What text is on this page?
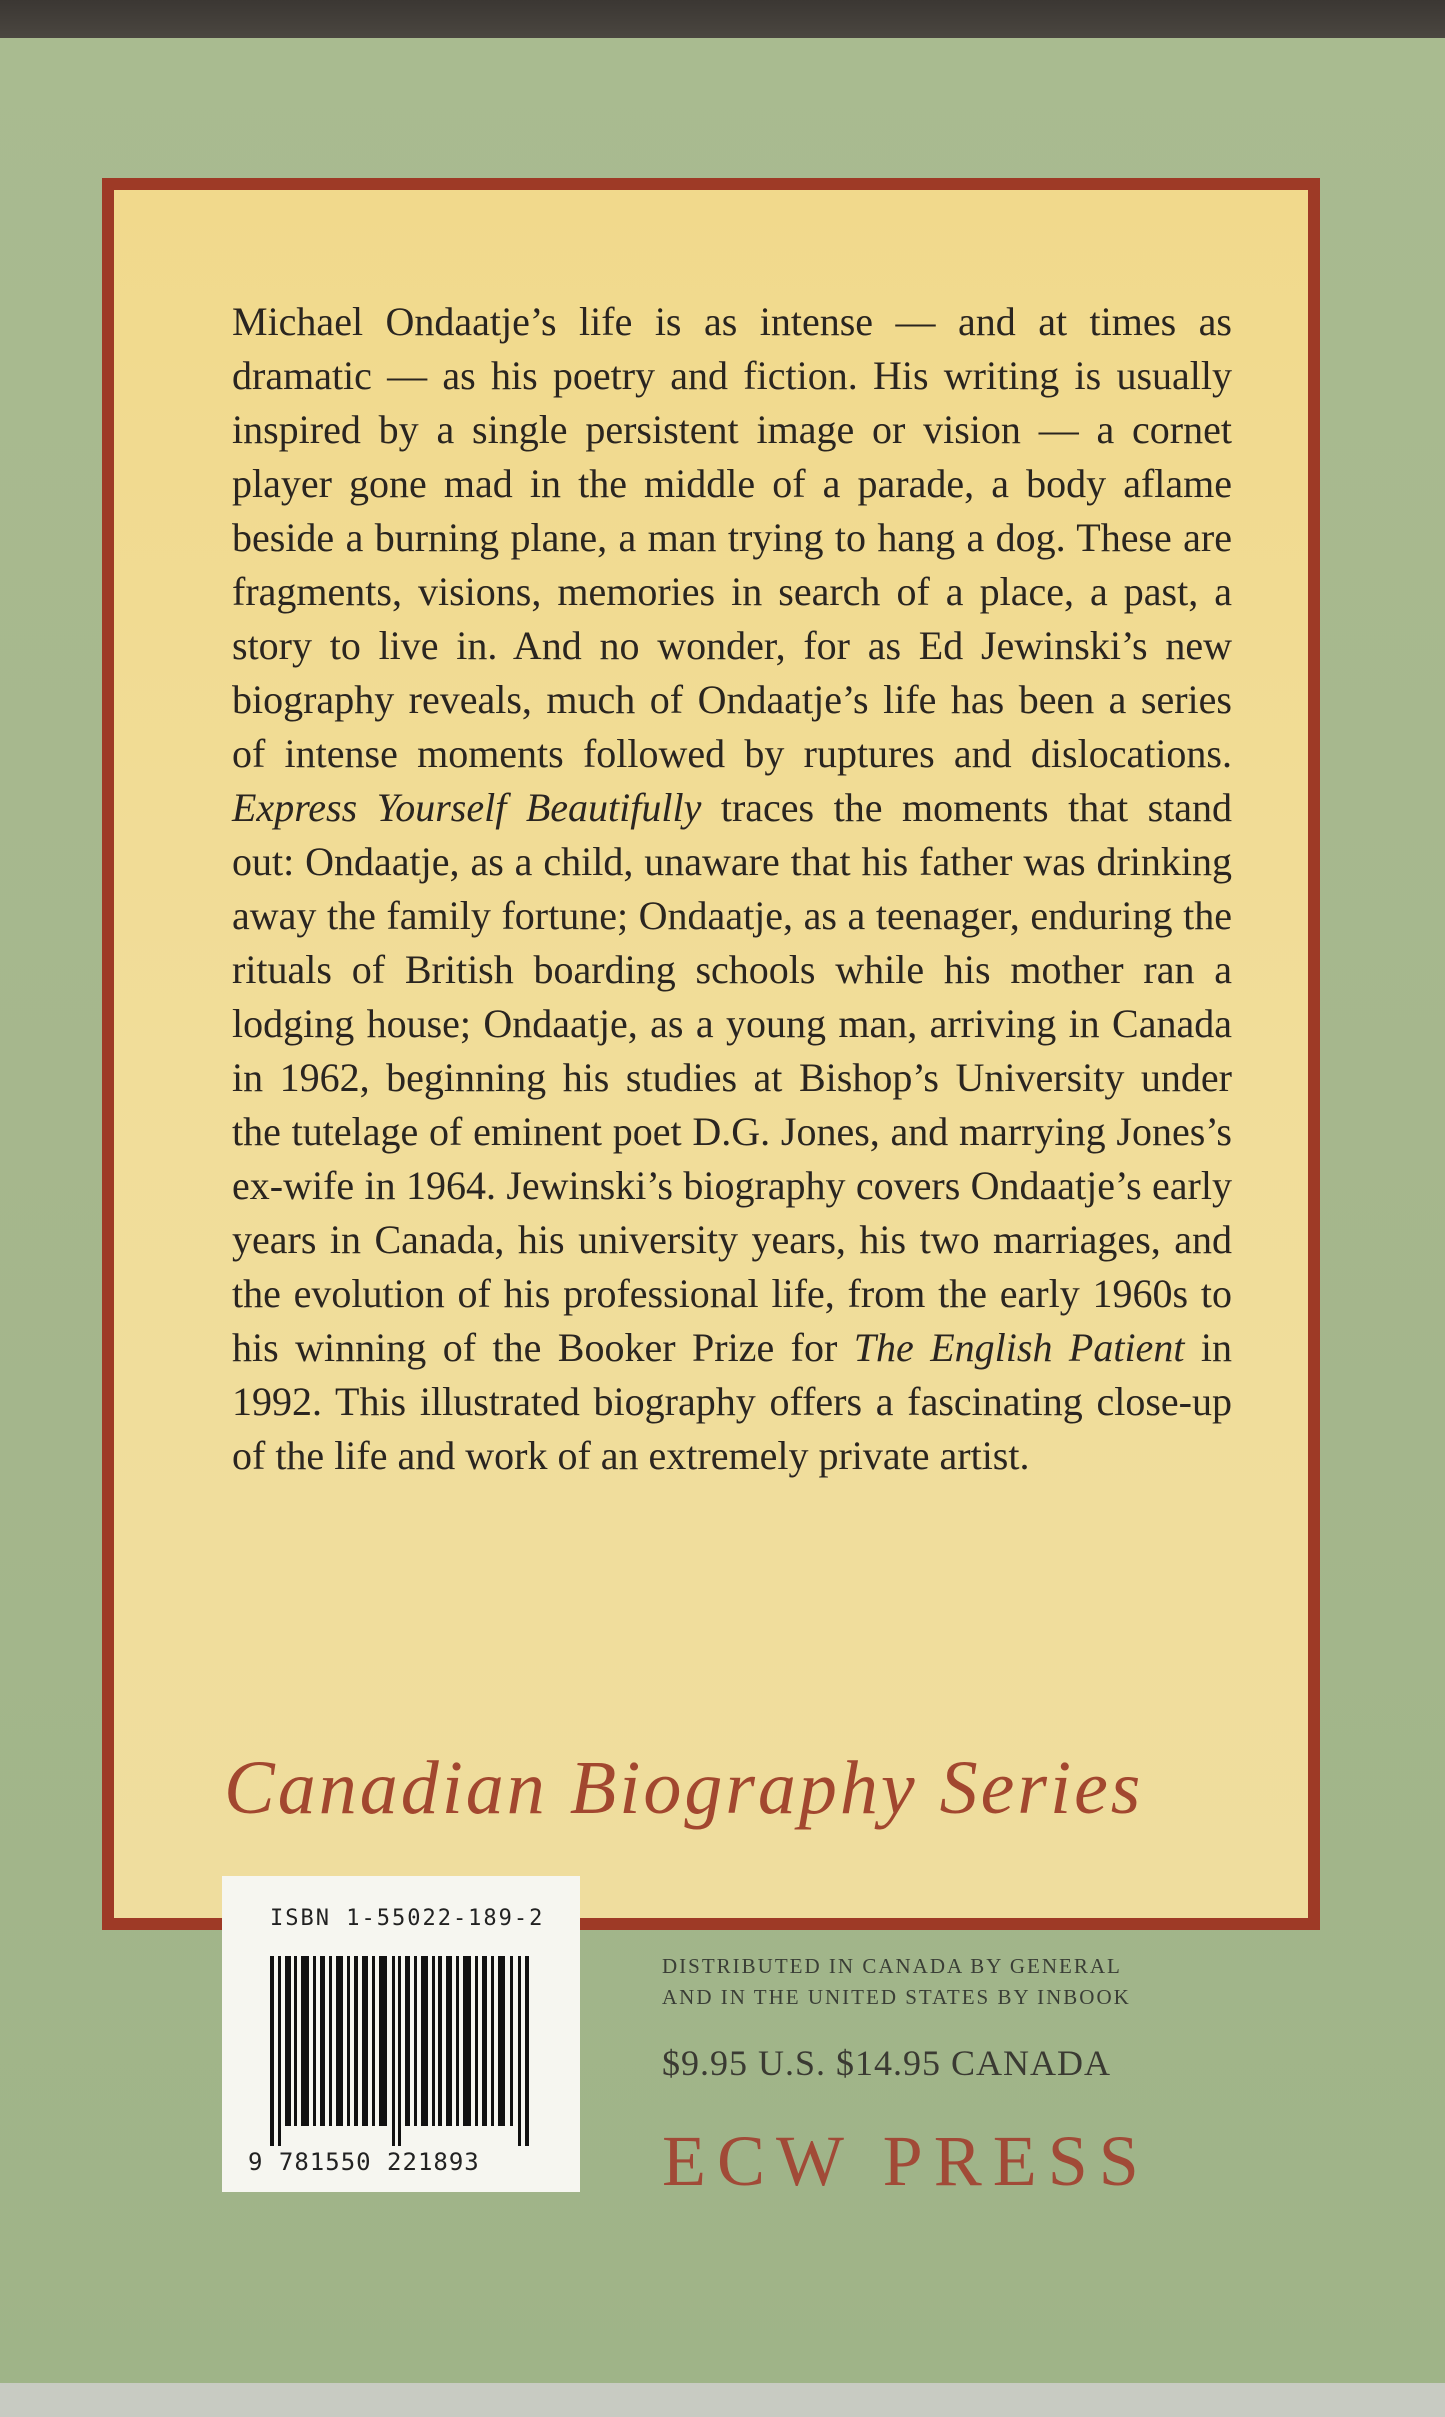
Michael Ondaatje’s life is as intense — and at times as dramatic — as his poetry and fiction. His writing is usually inspired by a single persistent image or vision — a cornet player gone mad in the middle of a parade, a body aflame beside a burning plane, a man trying to hang a dog. These are fragments, visions, memories in search of a place, a past, a story to live in. And no wonder, for as Ed Jewinski’s new biography reveals, much of Ondaatje’s life has been a series of intense moments followed by ruptures and dislocations. Express Yourself Beautifully traces the moments that stand out: Ondaatje, as a child, unaware that his father was drinking away the family fortune; Ondaatje, as a teenager, enduring the rituals of British boarding schools while his mother ran a lodging house; Ondaatje, as a young man, arriving in Canada in 1962, beginning his studies at Bishop’s University under the tutelage of eminent poet D.G. Jones, and marrying Jones’s ex-wife in 1964. Jewinski’s biography covers Ondaatje’s early years in Canada, his university years, his two marriages, and the evolution of his professional life, from the early 1960s to his winning of the Booker Prize for The English Patient in 1992. This illustrated biography offers a fascinating close-up of the life and work of an extremely private artist.

Canadian Biography Series
ISBN 1-55022-189-2
9 781550 221893
DISTRIBUTED IN CANADA BY GENERAL
AND IN THE UNITED STATES BY INBOOK
$9.95 U.S. $14.95 CANADA
ECW PRESS
